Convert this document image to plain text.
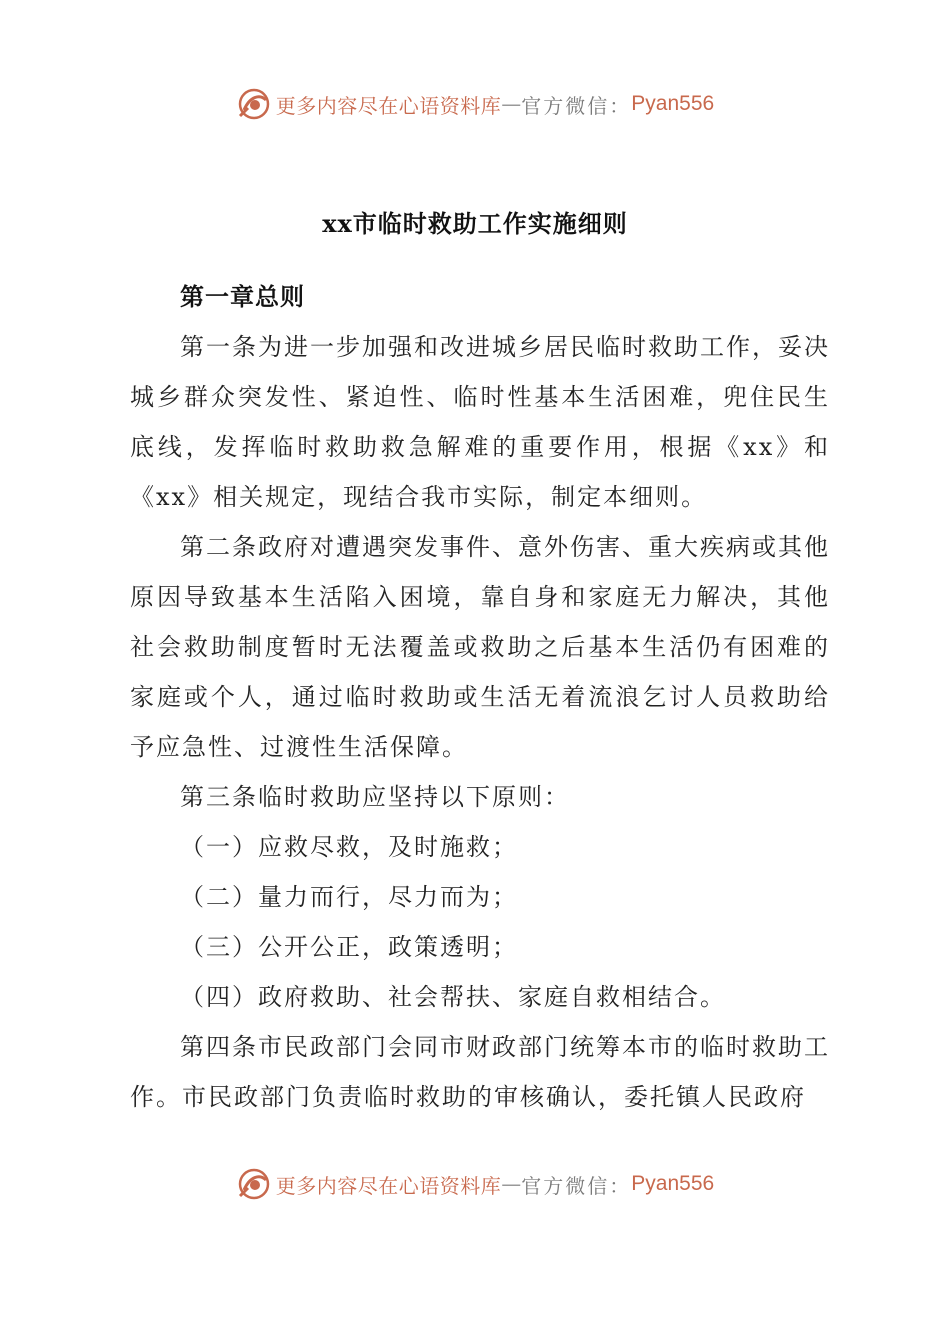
更多内容尽在心语资料库 — 官方微信： Pyan556
xx市临时救助工作实施细则

第一章总则

第一条为进一步加强和改进城乡居民临时救助工作，妥决城乡群众突发性、紧迫性、临时性基本生活困难，兜住民生底线，发挥临时救助救急解难的重要作用，根据《xx》和《xx》相关规定，现结合我市实际，制定本细则。

第二条政府对遭遇突发事件、意外伤害、重大疾病或其他原因导致基本生活陷入困境，靠自身和家庭无力解决，其他社会救助制度暂时无法覆盖或救助之后基本生活仍有困难的家庭或个人，通过临时救助或生活无着流浪乞讨人员救助给予应急性、过渡性生活保障。

第三条临时救助应坚持以下原则：

（一）应救尽救，及时施救；

（二）量力而行，尽力而为；

（三）公开公正，政策透明；

（四）政府救助、社会帮扶、家庭自救相结合。

第四条市民政部门会同市财政部门统筹本市的临时救助工作。市民政部门负责临时救助的审核确认，委托镇人民政府

更多内容尽在心语资料库 — 官方微信： Pyan556
